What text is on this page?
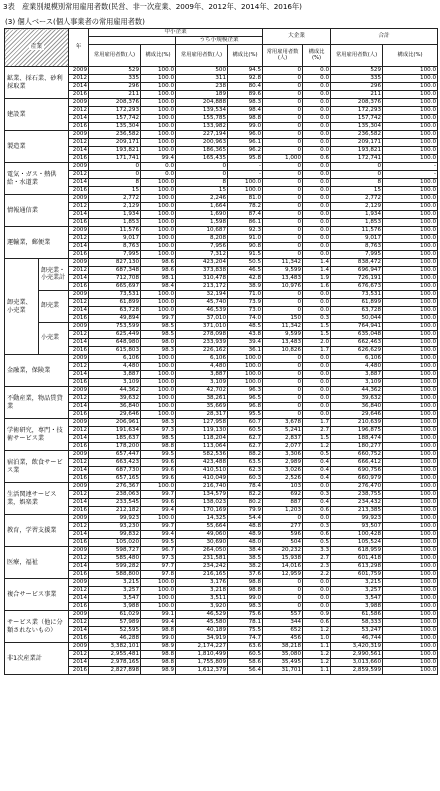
3表　産業別規模別常用雇用者数(民営、非一次産業、2009年、2012年、2014年、2016年)
(3) 個人ベース(個人事業者の常用雇用者数)
産業		年	中小企業				大企業		合計	
					うち小規模企業					
			常用雇用者数(人)	構成比(%)	常用雇用者数(人)	構成比(%)	常用雇用者数(人)	構成比(%)	常用雇用者数(人)	構成比(%)
鉱業、採石業、砂利採取業		2009	529	100.0	500	94.5	0	0.0	529	100.0
		2012	335	100.0	311	92.8	0	0.0	335	100.0
		2014	296	100.0	238	80.4	0	0.0	296	100.0
		2016	211	100.0	189	89.6	0	0.0	211	100.0
建設業		2009	208,376	100.0	204,888	98.3	0	0.0	208,376	100.0
		2012	172,293	100.0	139,534	98.4	0	0.0	172,293	100.0
		2014	157,742	100.0	155,785	98.8	0	0.0	157,742	100.0
		2016	135,304	100.0	133,982	99.0	0	0.0	135,304	100.0
製造業		2009	236,582	100.0	227,194	96.0	0	0.0	236,582	100.0
		2012	209,171	100.0	200,963	96.1	0	0.0	209,171	100.0
		2014	193,821	100.0	186,365	96.2	0	0.0	193,821	100.0
		2016	171,741	99.4	165,435	95.8	1,000	0.6	172,741	100.0
電気・ガス・熱供給・水道業		2009	0	0.0	0	-	0	0.0	0	-
		2012	0	0.0	0	-	0	0.0	0	-
		2014	8	100.0	8	100.0	0	0.0	8	100.0
		2016	15	100.0	15	100.0	0	0.0	15	100.0
情報通信業		2009	2,772	100.0	2,246	81.0	0	0.0	2,772	100.0
		2012	2,129	100.0	1,664	78.2	0	0.0	2,129	100.0
		2014	1,934	100.0	1,690	87.4	0	0.0	1,934	100.0
		2016	1,853	100.0	1,598	86.1	0	0.0	1,853	100.0
運輸業，郵便業		2009	11,576	100.0	10,687	92.3	0	0.0	11,576	100.0
		2012	9,017	100.0	8,208	91.0	0	0.0	9,017	100.0
		2014	8,763	100.0	7,956	90.8	0	0.0	8,763	100.0
		2016	7,995	100.0	7,312	91.5	0	0.0	7,995	100.0
卸売業、小売業	卸売業・小売業計	2009	827,130	98.6	423,204	50.5	11,342	1.4	838,472	100.0
		2012	687,348	98.6	373,838	46.5	9,599	1.4	696,947	100.0
		2014	712,708	98.1	310,478	42.8	13,483	1.9	726,191	100.0
		2016	665,697	98.4	213,172	38.9	10,976	1.6	676,673	100.0
	卸売業	2009	73,531	100.0	32,194	71.0	0	0.0	73,531	100.0
		2012	61,899	100.0	45,740	73.9	0	0.0	61,899	100.0
		2014	63,728	100.0	46,539	73.0	0	0.0	63,728	100.0
		2016	49,894	99.7	37,010	74.0	150	0.3	50,044	100.0
	小売業	2009	753,599	98.5	371,010	48.5	11,342	1.5	764,941	100.0
		2012	625,449	98.5	278,098	43.8	9,599	1.5	635,048	100.0
		2014	648,980	98.0	233,939	39.4	13,483	2.0	662,463	100.0
		2016	615,803	98.3	226,162	36.1	10,826	1.7	626,629	100.0
金融業，保険業		2009	6,106	100.0	6,106	100.0	0	0.0	6,106	100.0
		2012	4,480	100.0	4,480	100.0	0	0.0	4,480	100.0
		2014	3,887	100.0	3,887	100.0	0	0.0	3,887	100.0
		2016	3,109	100.0	3,109	100.0	0	0.0	3,109	100.0
不動産業，物品賃貸業		2009	44,362	100.0	42,702	96.3	0	0.0	44,362	100.0
		2012	39,632	100.0	38,261	96.5	0	0.0	39,632	100.0
		2014	36,840	100.0	35,669	96.8	0	0.0	36,840	100.0
		2016	29,646	100.0	28,317	95.5	0	0.0	29,646	100.0
学術研究，専門・技術サービス業		2009	206,961	98.3	127,958	60.7	3,678	1.7	210,639	100.0
		2012	191,634	97.3	119,130	60.5	5,241	2.7	196,875	100.0
		2014	185,637	98.5	118,204	62.7	2,837	1.5	188,474	100.0
		2016	178,200	98.8	113,064	62.7	2,077	1.2	180,277	100.0
宿泊業，飲食サービス業		2009	657,447	99.5	582,536	88.2	3,306	0.5	660,752	100.0
		2012	663,423	99.6	423,488	63.5	2,989	0.4	666,412	100.0
		2014	687,730	99.6	410,510	62.3	3,026	0.4	690,756	100.0
		2016	657,165	99.6	410,049	60.3	2,526	0.4	660,979	100.0
生活関連サービス業，娯楽業		2009	276,367	100.0	216,740	78.4	103	0.0	276,470	100.0
		2012	238,063	99.7	134,579	82.2	692	0.3	238,755	100.0
		2014	233,545	99.6	138,023	80.2	887	0.4	234,432	100.0
		2016	212,182	99.4	170,169	79.9	1,203	0.6	213,385	100.0
教育，学習支援業		2009	99,923	100.0	14,325	54.4	0	0.0	99,923	100.0
		2012	93,230	99.7	55,664	48.8	277	0.3	93,507	100.0
		2014	99,832	99.4	49,060	48.9	596	0.6	100,428	100.0
		2016	105,020	99.5	30,690	48.0	504	0.5	105,524	100.0
医療，福祉		2009	598,727	96.7	264,050	38.4	20,232	3.3	618,959	100.0
		2012	585,480	97.3	231,581	38.5	15,938	2.7	601,418	100.0
		2014	599,282	97.7	234,242	38.2	14,016	2.3	613,298	100.0
		2016	588,800	97.8	216,165	37.6	12,959	2.2	601,759	100.0
複合サービス事業		2009	3,215	100.0	3,176	98.8	0	0.0	3,215	100.0
		2012	3,257	100.0	3,218	98.8	0	0.0	3,257	100.0
		2014	3,547	100.0	3,511	99.0	0	0.0	3,547	100.0
		2016	3,988	100.0	3,920	98.3	0	0.0	3,988	100.0
サービス業（他に分類されないもの）		2009	61,029	99.1	46,529	75.6	557	0.9	61,586	100.0
		2012	57,989	99.4	45,580	78.1	344	0.6	58,333	100.0
		2014	52,595	98.8	40,189	75.5	652	1.2	53,247	100.0
		2016	46,288	99.0	34,919	74.7	456	1.0	46,744	100.0
非1次産業計		2009	3,382,101	98.9	2,174,227	63.6	38,218	1.1	3,420,319	100.0
		2012	2,955,481	98.8	1,810,499	60.5	35,080	1.2	2,990,561	100.0
		2014	2,978,165	98.8	1,755,809	58.6	35,495	1.2	3,013,660	100.0
		2016	2,827,898	98.9	1,612,379	56.4	31,701	1.1	2,859,599	100.0
